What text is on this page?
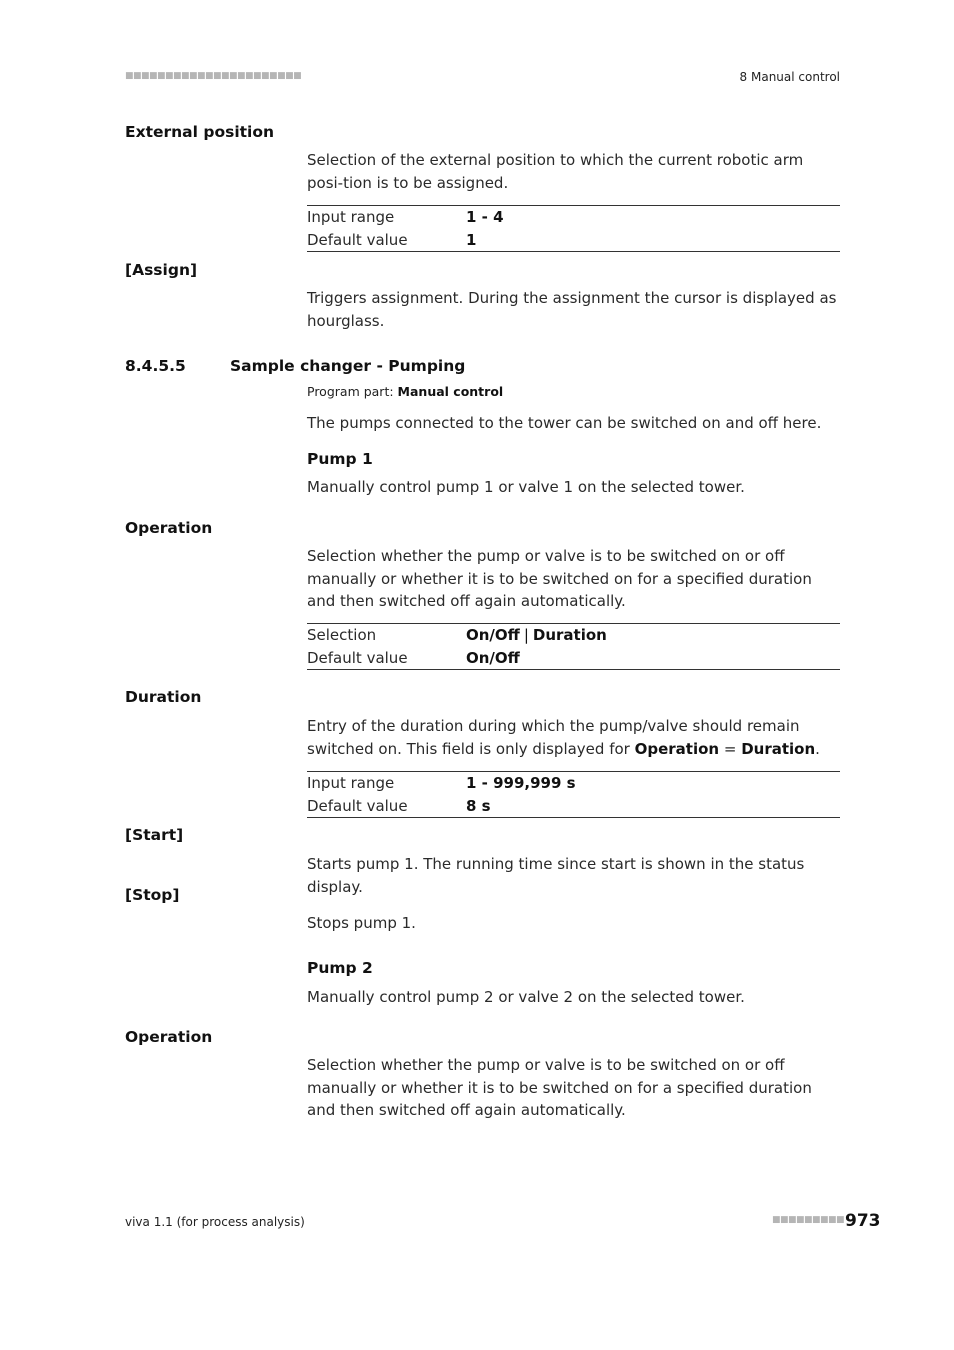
■■■■■■■■■■■■■■■■■■■■■■	8 Manual control
External position
Selection of the external position to which the current robotic arm posi-tion is to be assigned.
Input range	1 - 4
Default value	1
[Assign]
Triggers assignment. During the assignment the cursor is displayed as hourglass.
8.4.5.5	Sample changer - Pumping
Program part: Manual control
The pumps connected to the tower can be switched on and off here.
Pump 1
Manually control pump 1 or valve 1 on the selected tower.
Operation
Selection whether the pump or valve is to be switched on or off manually or whether it is to be switched on for a specified duration and then switched off again automatically.
Selection	On/Off | Duration
Default value	On/Off
Duration
Entry of the duration during which the pump/valve should remain switched on. This field is only displayed for Operation = Duration.
Input range	1 - 999,999 s
Default value	8 s
[Start]
Starts pump 1. The running time since start is shown in the status display.
[Stop]
Stops pump 1.
Pump 2
Manually control pump 2 or valve 2 on the selected tower.
Operation
Selection whether the pump or valve is to be switched on or off manually or whether it is to be switched on for a specified duration and then switched off again automatically.
viva 1.1 (for process analysis)	■■■■■■■■■ 973
